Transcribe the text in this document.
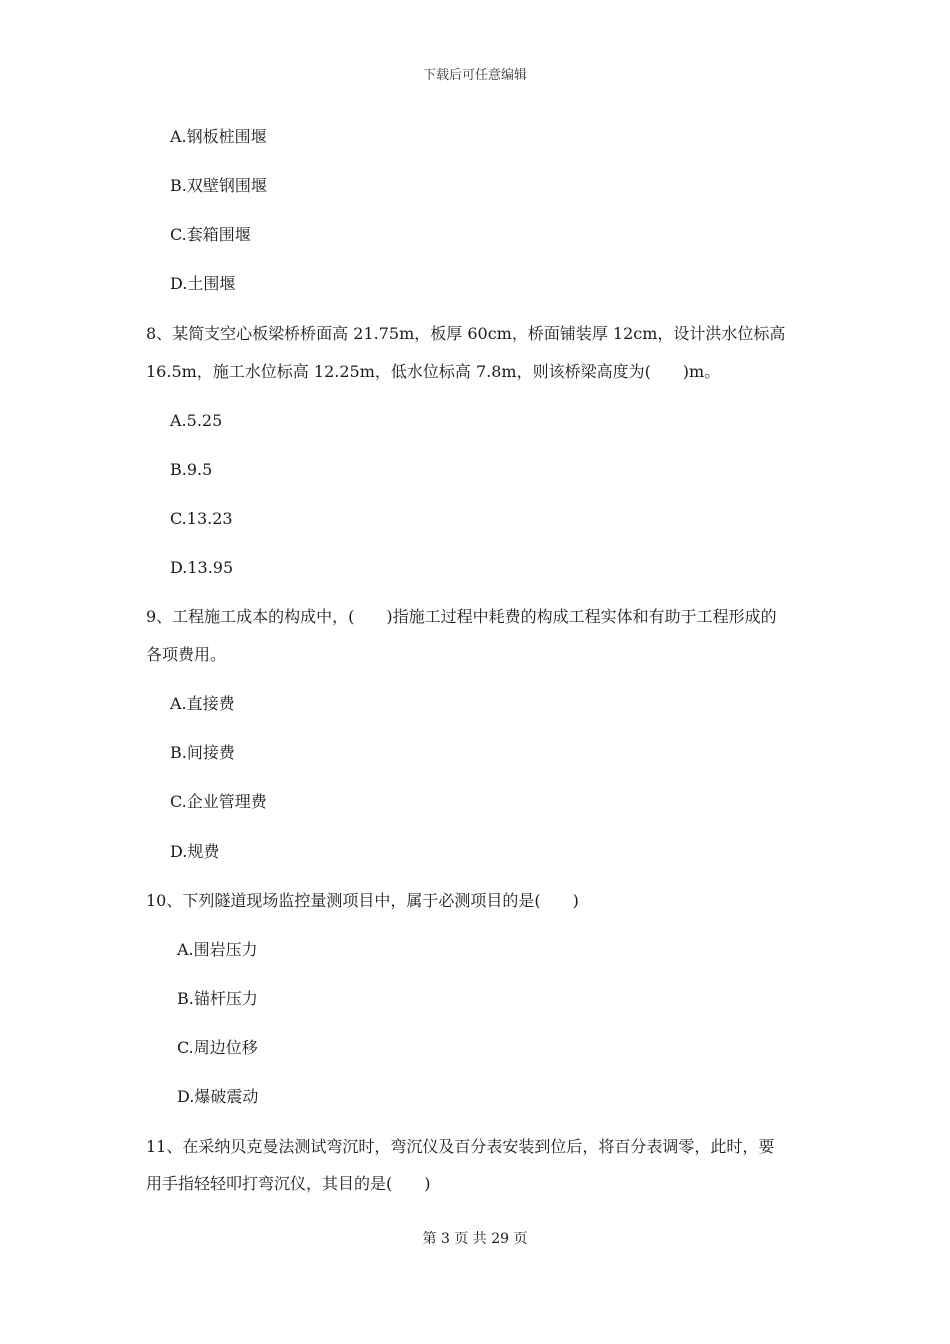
下载后可任意编辑
A.钢板桩围堰
B.双壁钢围堰
C.套箱围堰
D.土围堰
8、某简支空心板梁桥桥面高 21.75m，板厚 60cm，桥面铺装厚 12cm，设计洪水位标高
16.5m，施工水位标高 12.25m，低水位标高 7.8m，则该桥梁高度为(　　)m。
A.5.25
B.9.5
C.13.23
D.13.95
9、工程施工成本的构成中，(　　)指施工过程中耗费的构成工程实体和有助于工程形成的
各项费用。
A.直接费
B.间接费
C.企业管理费
D.规费
10、下列隧道现场监控量测项目中，属于必测项目的是(　　)
A.围岩压力
B.锚杆压力
C.周边位移
D.爆破震动
11、在采纳贝克曼法测试弯沉时，弯沉仪及百分表安装到位后，将百分表调零，此时，要
用手指轻轻叩打弯沉仪，其目的是(　　)
第 3 页 共 29 页
